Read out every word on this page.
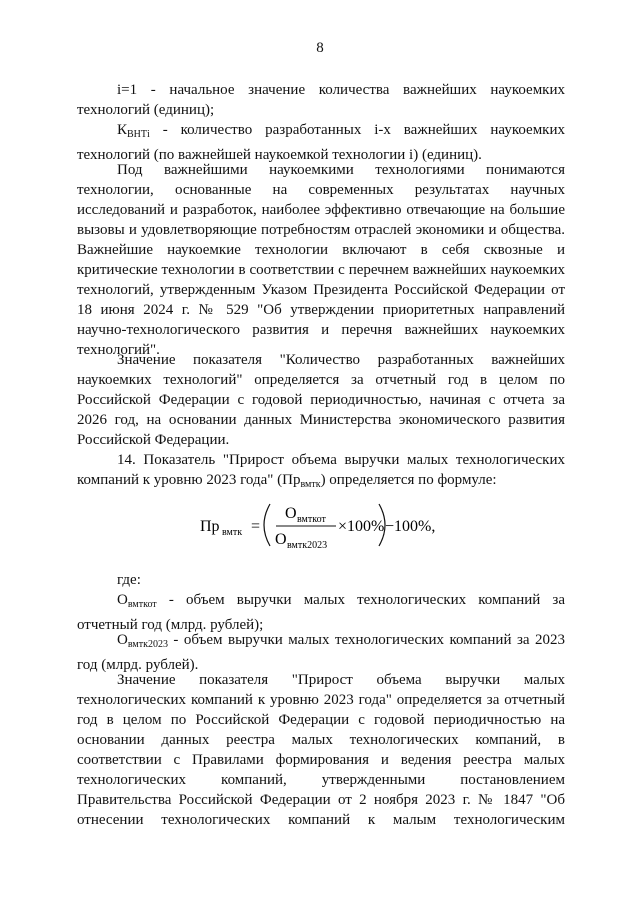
8
i=1 - начальное значение количества важнейших наукоемких технологий (единиц);
$К_{ВНТi}$ - количество разработанных i-х важнейших наукоемких технологий (по важнейшей наукоемкой технологии i) (единиц).
Под важнейшими наукоемкими технологиями понимаются технологии, основанные на современных результатах научных исследований и разработок, наиболее эффективно отвечающие на большие вызовы и удовлетворяющие потребностям отраслей экономики и общества. Важнейшие наукоемкие технологии включают в себя сквозные и критические технологии в соответствии с перечнем важнейших наукоемких технологий, утвержденным Указом Президента Российской Федерации от 18 июня 2024 г. № 529 "Об утверждении приоритетных направлений научно-технологического развития и перечня важнейших наукоемких технологий".
Значение показателя "Количество разработанных важнейших наукоемких технологий" определяется за отчетный год в целом по Российской Федерации с годовой периодичностью, начиная с отчета за 2026 год, на основании данных Министерства экономического развития Российской Федерации.
14. Показатель "Прирост объема выручки малых технологических компаний к уровню 2023 года" $(Пр_{вмтк})$ определяется по формуле:
Пр вмтк =
О вмткот
О вмтк2023
×100% −100%,
где:
$О_{вмткот}$ - объем выручки малых технологических компаний за отчетный год (млрд. рублей);
$О_{вмтк2023}$ - объем выручки малых технологических компаний за 2023 год (млрд. рублей).
Значение показателя "Прирост объема выручки малых технологических компаний к уровню 2023 года" определяется за отчетный год в целом по Российской Федерации с годовой периодичностью на основании данных реестра малых технологических компаний, в соответствии с Правилами формирования и ведения реестра малых технологических компаний, утвержденными постановлением Правительства Российской Федерации от 2 ноября 2023 г. № 1847 "Об отнесении технологических компаний к малым технологическим
